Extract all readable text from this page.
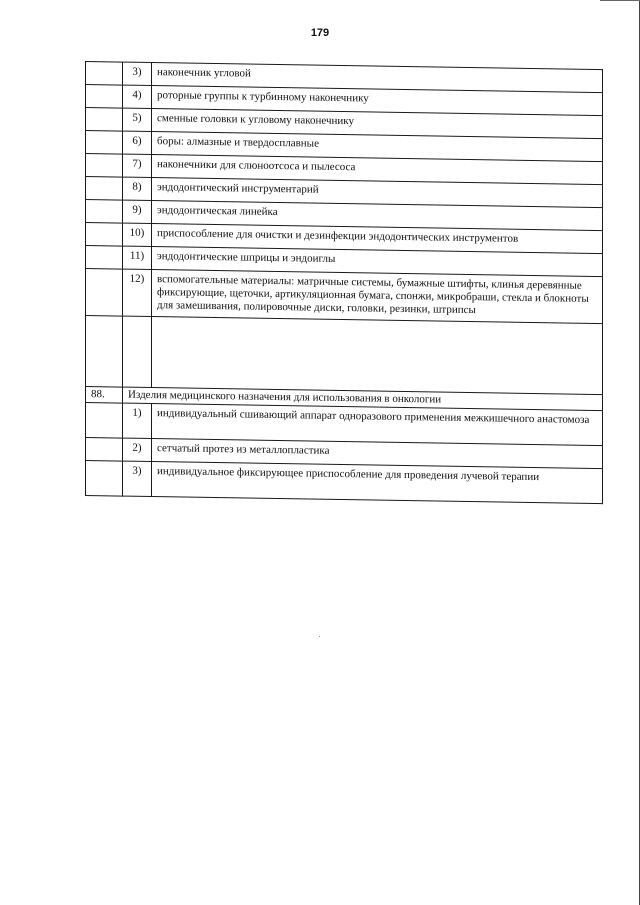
179
	3)	наконечник угловой
	4)	роторные группы к турбинному наконечнику
	5)	сменные головки к угловому наконечнику
	6)	боры: алмазные и твердосплавные
	7)	наконечники для слюноотсоса и пылесоса
	8)	эндодонтический инструментарий
	9)	эндодонтическая линейка
	10)	приспособление для очистки и дезинфекции эндодонтических инструментов
	11)	эндодонтические шприцы и эндоиглы
	12)	вспомогательные материалы: матричные системы, бумажные штифты, клинья деревянные фиксирующие, щеточки, артикуляционная бумага, спонжи, микробраши, стекла и блокноты для замешивания, полировочные диски, головки, резинки, штрипсы

88.	Изделия медицинского назначения для использования в онкологии	
	1)	индивидуальный сшивающий аппарат одноразового применения межкишечного анастомоза
	2)	сетчатый протез из металлопластика
	3)	индивидуальное фиксирующее приспособление для проведения лучевой терапии
